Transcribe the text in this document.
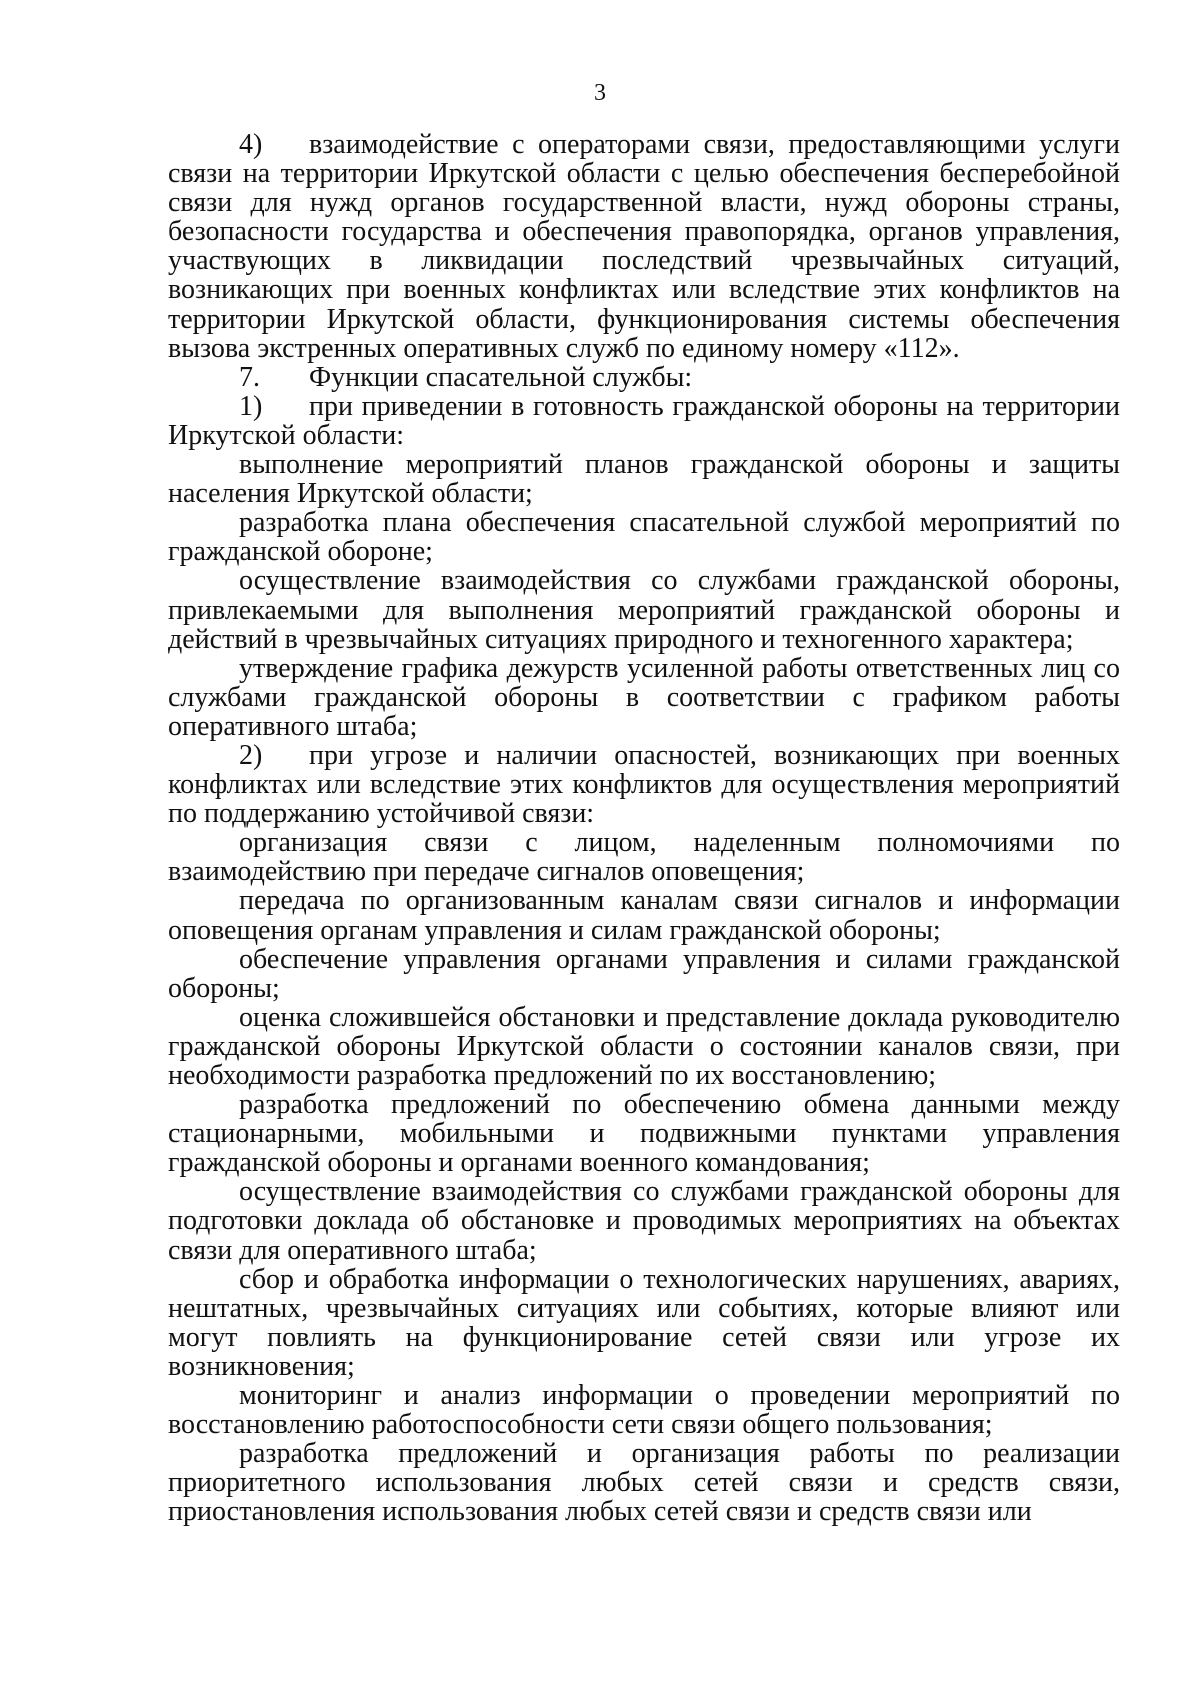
3

4) взаимодействие с операторами связи, предоставляющими услуги связи на территории Иркутской области с целью обеспечения бесперебойной связи для нужд органов государственной власти, нужд обороны страны, безопасности государства и обеспечения правопорядка, органов управления, участвующих в ликвидации последствий чрезвычайных ситуаций, возникающих при военных конфликтах или вследствие этих конфликтов на территории Иркутской области, функционирования системы обеспечения вызова экстренных оперативных служб по единому номеру «112».

7. Функции спасательной службы:

1) при приведении в готовность гражданской обороны на территории Иркутской области:

выполнение мероприятий планов гражданской обороны и защиты населения Иркутской области;

разработка плана обеспечения спасательной службой мероприятий по гражданской обороне;

осуществление взаимодействия со службами гражданской обороны, привлекаемыми для выполнения мероприятий гражданской обороны и действий в чрезвычайных ситуациях природного и техногенного характера;

утверждение графика дежурств усиленной работы ответственных лиц со службами гражданской обороны в соответствии с графиком работы оперативного штаба;

2) при угрозе и наличии опасностей, возникающих при военных конфликтах или вследствие этих конфликтов для осуществления мероприятий по поддержанию устойчивой связи:

организация связи с лицом, наделенным полномочиями по взаимодействию при передаче сигналов оповещения;

передача по организованным каналам связи сигналов и информации оповещения органам управления и силам гражданской обороны;

обеспечение управления органами управления и силами гражданской обороны;

оценка сложившейся обстановки и представление доклада руководителю гражданской обороны Иркутской области о состоянии каналов связи, при необходимости разработка предложений по их восстановлению;

разработка предложений по обеспечению обмена данными между стационарными, мобильными и подвижными пунктами управления гражданской обороны и органами военного командования;

осуществление взаимодействия со службами гражданской обороны для подготовки доклада об обстановке и проводимых мероприятиях на объектах связи для оперативного штаба;

сбор и обработка информации о технологических нарушениях, авариях, нештатных, чрезвычайных ситуациях или событиях, которые влияют или могут повлиять на функционирование сетей связи или угрозе их возникновения;

мониторинг и анализ информации о проведении мероприятий по восстановлению работоспособности сети связи общего пользования;

разработка предложений и организация работы по реализации приоритетного использования любых сетей связи и средств связи, приостановления использования любых сетей связи и средств связи или
